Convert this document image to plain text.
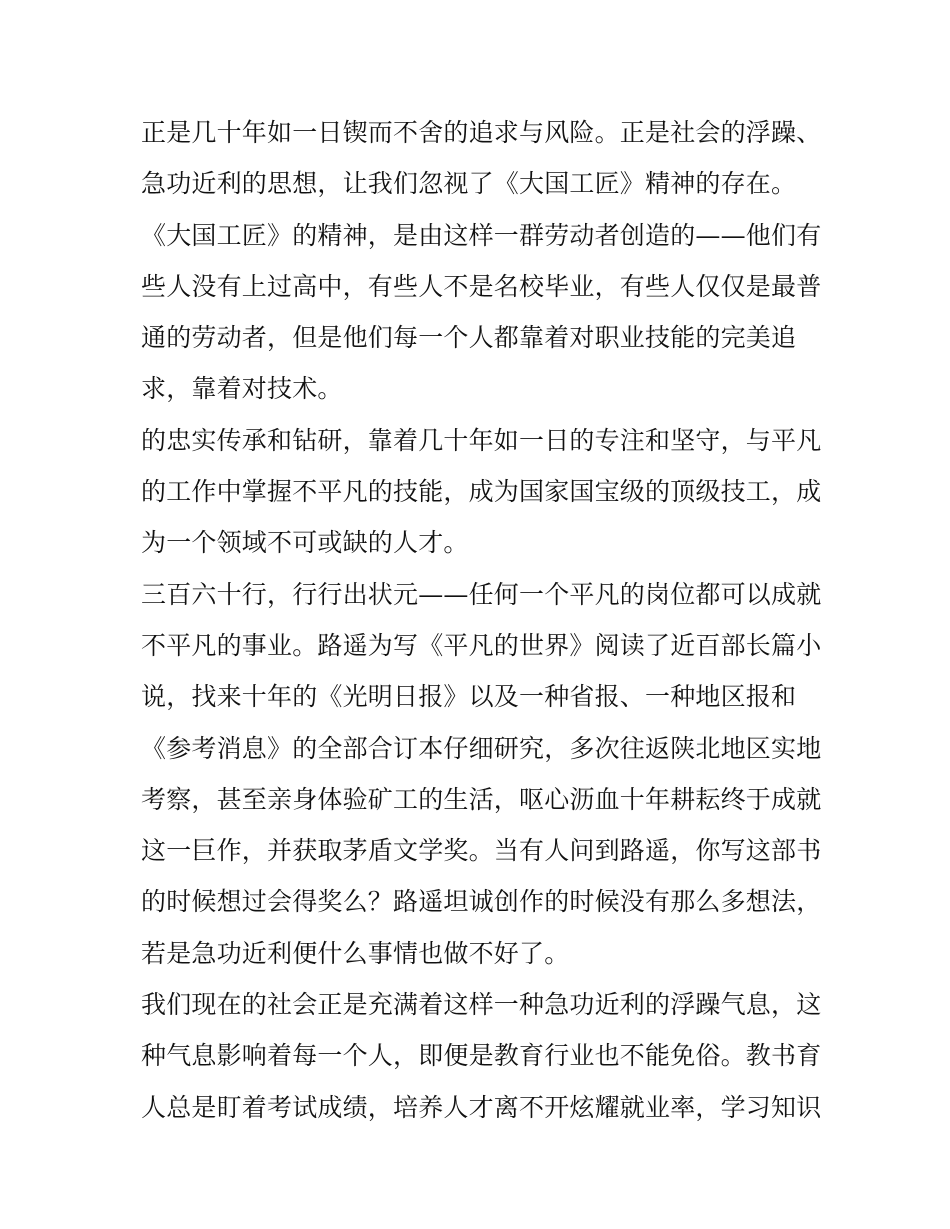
正是几十年如一日锲而不舍的追求与风险。正是社会的浮躁、
急功近利的思想，让我们忽视了《大国工匠》精神的存在。
《大国工匠》的精神，是由这样一群劳动者创造的——他们有
些人没有上过高中，有些人不是名校毕业，有些人仅仅是最普
通的劳动者，但是他们每一个人都靠着对职业技能的完美追
求，靠着对技术。
的忠实传承和钻研，靠着几十年如一日的专注和坚守，与平凡
的工作中掌握不平凡的技能，成为国家国宝级的顶级技工，成
为一个领域不可或缺的人才。
三百六十行，行行出状元——任何一个平凡的岗位都可以成就
不平凡的事业。路遥为写《平凡的世界》阅读了近百部长篇小
说，找来十年的《光明日报》以及一种省报、一种地区报和
《参考消息》的全部合订本仔细研究，多次往返陕北地区实地
考察，甚至亲身体验矿工的生活，呕心沥血十年耕耘终于成就
这一巨作，并获取茅盾文学奖。当有人问到路遥，你写这部书
的时候想过会得奖么？路遥坦诚创作的时候没有那么多想法，
若是急功近利便什么事情也做不好了。
我们现在的社会正是充满着这样一种急功近利的浮躁气息，这
种气息影响着每一个人，即便是教育行业也不能免俗。教书育
人总是盯着考试成绩，培养人才离不开炫耀就业率，学习知识
